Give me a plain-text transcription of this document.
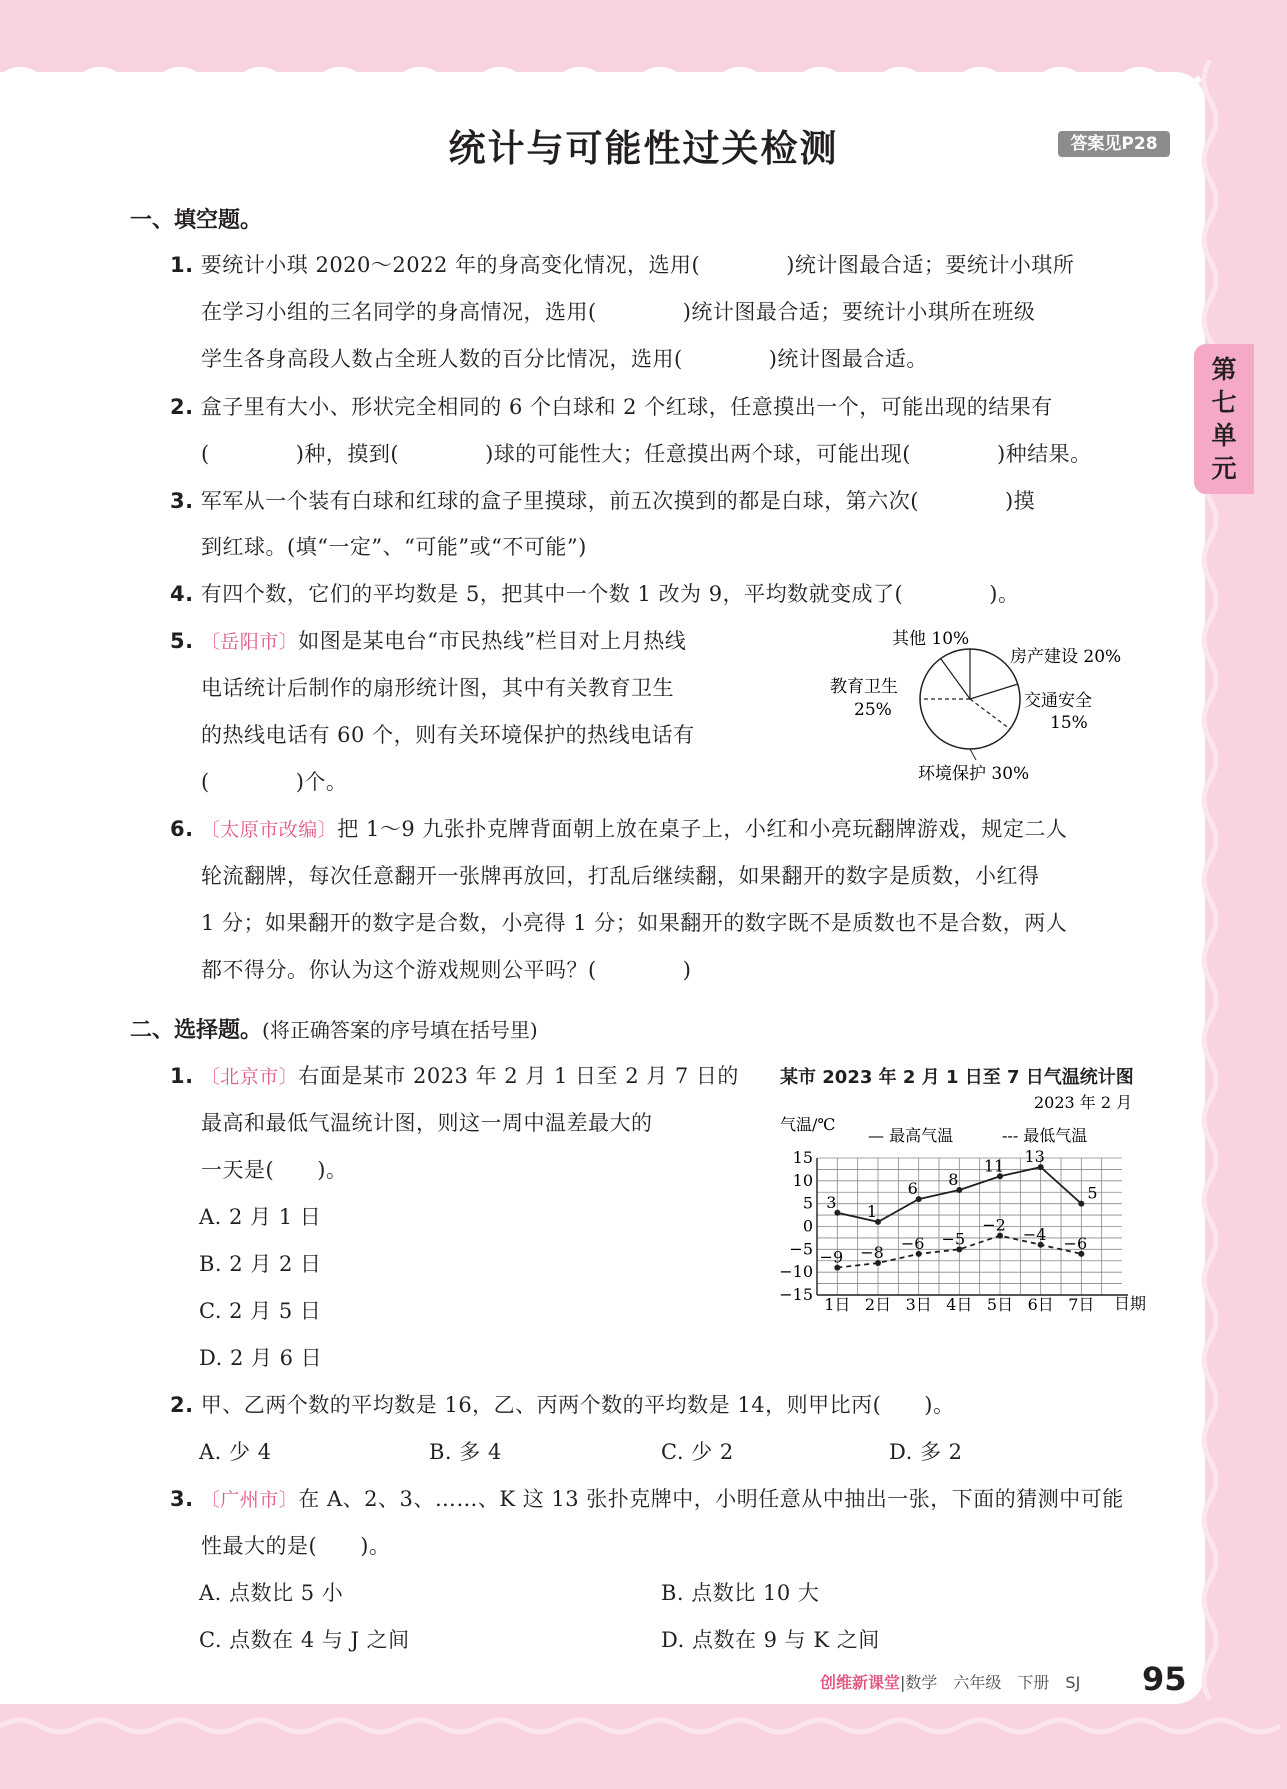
统计与可能性过关检测	答案见P28
第
七
单
元
一、填空题。
1. 要统计小琪 2020～2022 年的身高变化情况，选用(　　　　)统计图最合适；要统计小琪所
在学习小组的三名同学的身高情况，选用(　　　　)统计图最合适；要统计小琪所在班级
学生各身高段人数占全班人数的百分比情况，选用(　　　　)统计图最合适。
2. 盒子里有大小、形状完全相同的 6 个白球和 2 个红球，任意摸出一个，可能出现的结果有
(　　　　)种，摸到(　　　　)球的可能性大；任意摸出两个球，可能出现(　　　　)种结果。
3. 军军从一个装有白球和红球的盒子里摸球，前五次摸到的都是白球，第六次(　　　　)摸
到红球。(填“一定”、“可能”或“不可能”)
4. 有四个数，它们的平均数是 5，把其中一个数 1 改为 9，平均数就变成了(　　　　)。
5. 〔岳阳市〕如图是某电台“市民热线”栏目对上月热线
电话统计后制作的扇形统计图，其中有关教育卫生
的热线电话有 60 个，则有关环境保护的热线电话有
(　　　　)个。
其他 10%
房产建设 20%
教育卫生
25%	交通安全
15%
环境保护 30%
6. 〔太原市改编〕把 1～9 九张扑克牌背面朝上放在桌子上，小红和小亮玩翻牌游戏，规定二人
轮流翻牌，每次任意翻开一张牌再放回，打乱后继续翻，如果翻开的数字是质数，小红得
1 分；如果翻开的数字是合数，小亮得 1 分；如果翻开的数字既不是质数也不是合数，两人
都不得分。你认为这个游戏规则公平吗？(　　　　)
二、选择题。(将正确答案的序号填在括号里)
1. 〔北京市〕右面是某市 2023 年 2 月 1 日至 2 月 7 日的
最高和最低气温统计图，则这一周中温差最大的
一天是(　　)。
A. 2 月 1 日
B. 2 月 2 日
C. 2 月 5 日
D. 2 月 6 日
某市 2023 年 2 月 1 日至 7 日气温统计图
2023 年 2 月
气温/℃
— 最高气温	‑‑‑ 最低气温
日期
15
10
5
0
−5
−10
−15
1日 2日 3日 4日 5日 6日 7日
3 1
6 8
11 13
5
−9 −8 −6 −5
−2 −4 −6
2. 甲、乙两个数的平均数是 16，乙、丙两个数的平均数是 14，则甲比丙(　　)。
A. 少 4	B. 多 4	C. 少 2	D. 多 2
3. 〔广州市〕在 A、2、3、……、K 这 13 张扑克牌中，小明任意从中抽出一张，下面的猜测中可能
性最大的是(　　)。
A. 点数比 5 小	B. 点数比 10 大
C. 点数在 4 与 J 之间	D. 点数在 9 与 K 之间
创维新课堂|数学　六年级　下册　SJ 95
